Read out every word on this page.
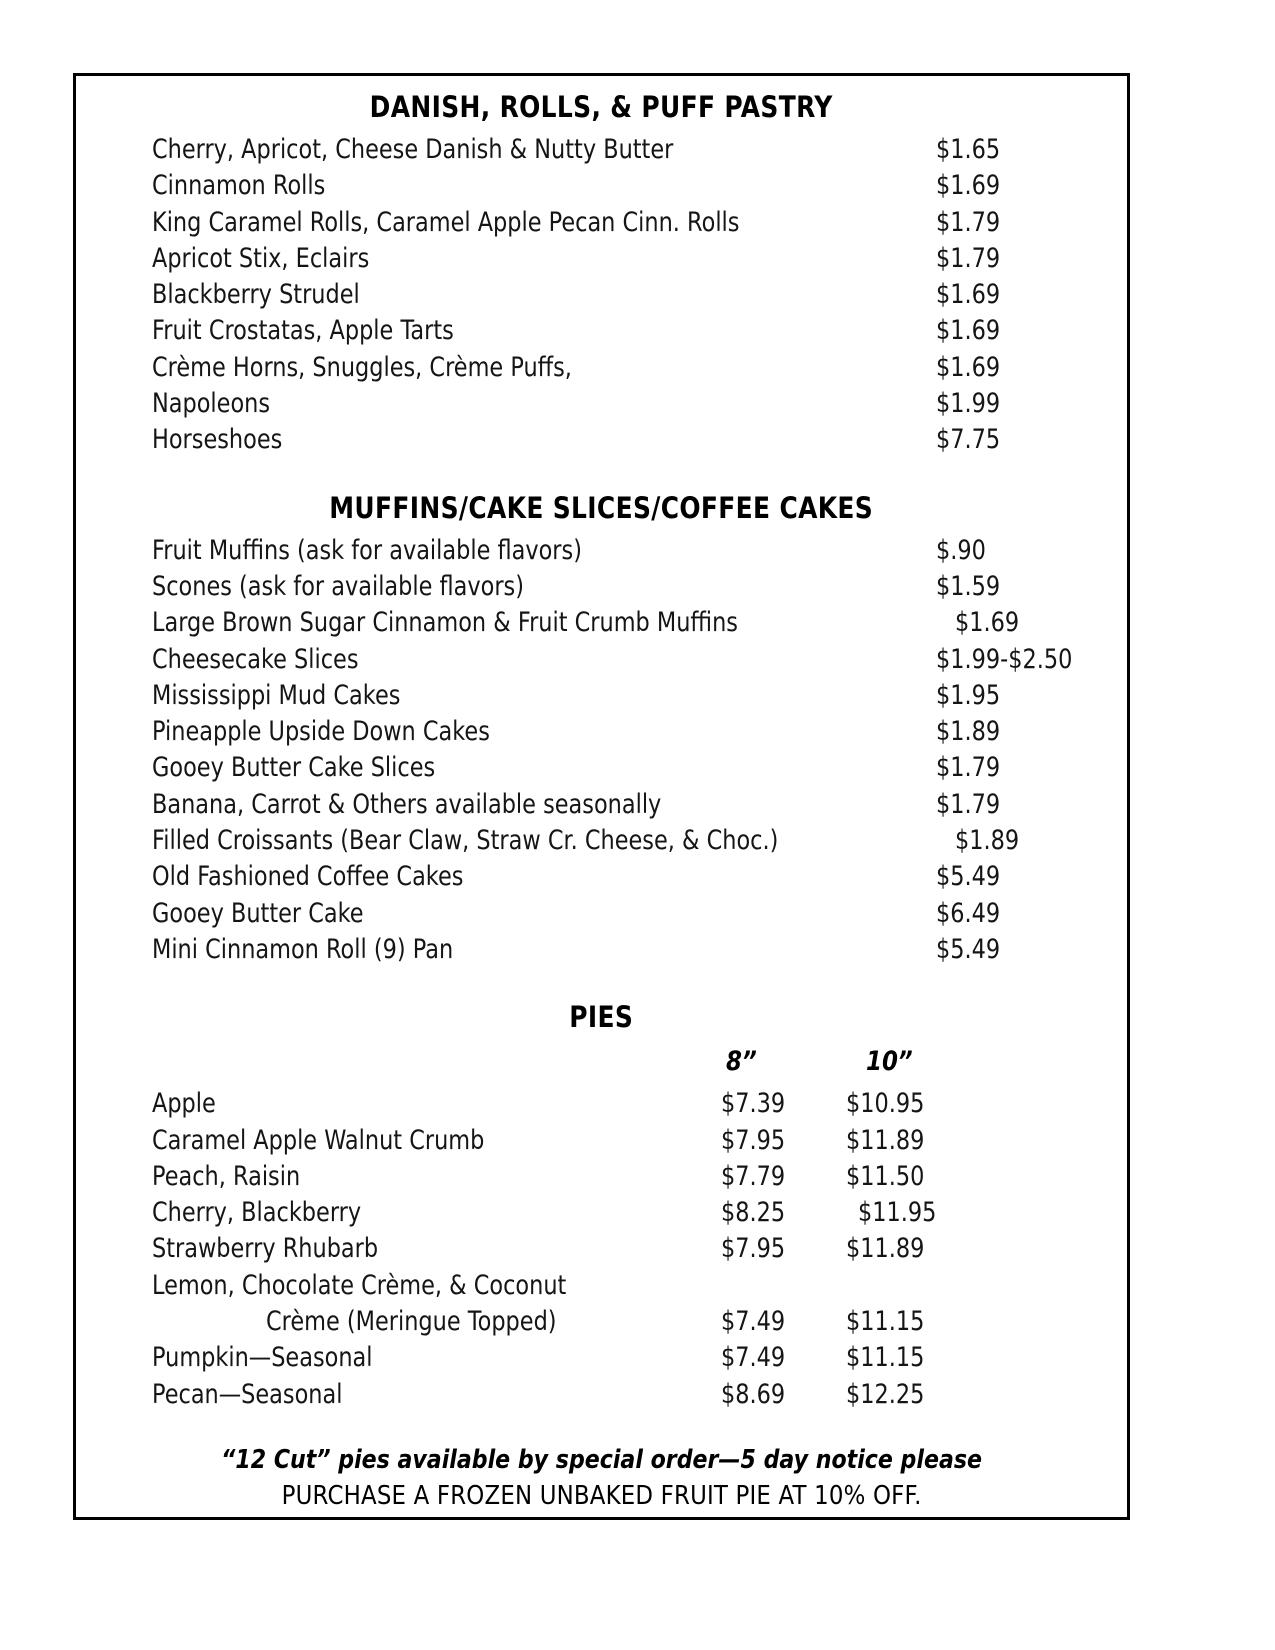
DANISH, ROLLS, & PUFF PASTRY
Cherry, Apricot, Cheese Danish & Nutty Butter	$1.65
Cinnamon Rolls	$1.69
King Caramel Rolls, Caramel Apple Pecan Cinn. Rolls	$1.79
Apricot Stix, Eclairs	$1.79
Blackberry Strudel	$1.69
Fruit Crostatas, Apple Tarts	$1.69
Crème Horns, Snuggles, Crème Puffs,	$1.69
Napoleons	$1.99
Horseshoes	$7.75
MUFFINS/CAKE SLICES/COFFEE CAKES
Fruit Muffins (ask for available flavors)	$.90
Scones (ask for available flavors)	$1.59
Large Brown Sugar Cinnamon & Fruit Crumb Muffins	$1.69
Cheesecake Slices	$1.99-$2.50
Mississippi Mud Cakes	$1.95
Pineapple Upside Down Cakes	$1.89
Gooey Butter Cake Slices	$1.79
Banana, Carrot & Others available seasonally	$1.79
Filled Croissants (Bear Claw, Straw Cr. Cheese, & Choc.)	$1.89
Old Fashioned Coffee Cakes	$5.49
Gooey Butter Cake	$6.49
Mini Cinnamon Roll (9) Pan	$5.49
PIES
8”	10”
Apple	$7.39 $10.95
Caramel Apple Walnut Crumb	$7.95 $11.89
Peach, Raisin	$7.79 $11.50
Cherry, Blackberry	$8.25	$11.95
Strawberry Rhubarb	$7.95 $11.89
Lemon, Chocolate Crème, & Coconut
Crème (Meringue Topped)	$7.49 $11.15
Pumpkin—Seasonal	$7.49 $11.15
Pecan—Seasonal	$8.69 $12.25
“12 Cut” pies available by special order—5 day notice please
PURCHASE A FROZEN UNBAKED FRUIT PIE AT 10% OFF.
